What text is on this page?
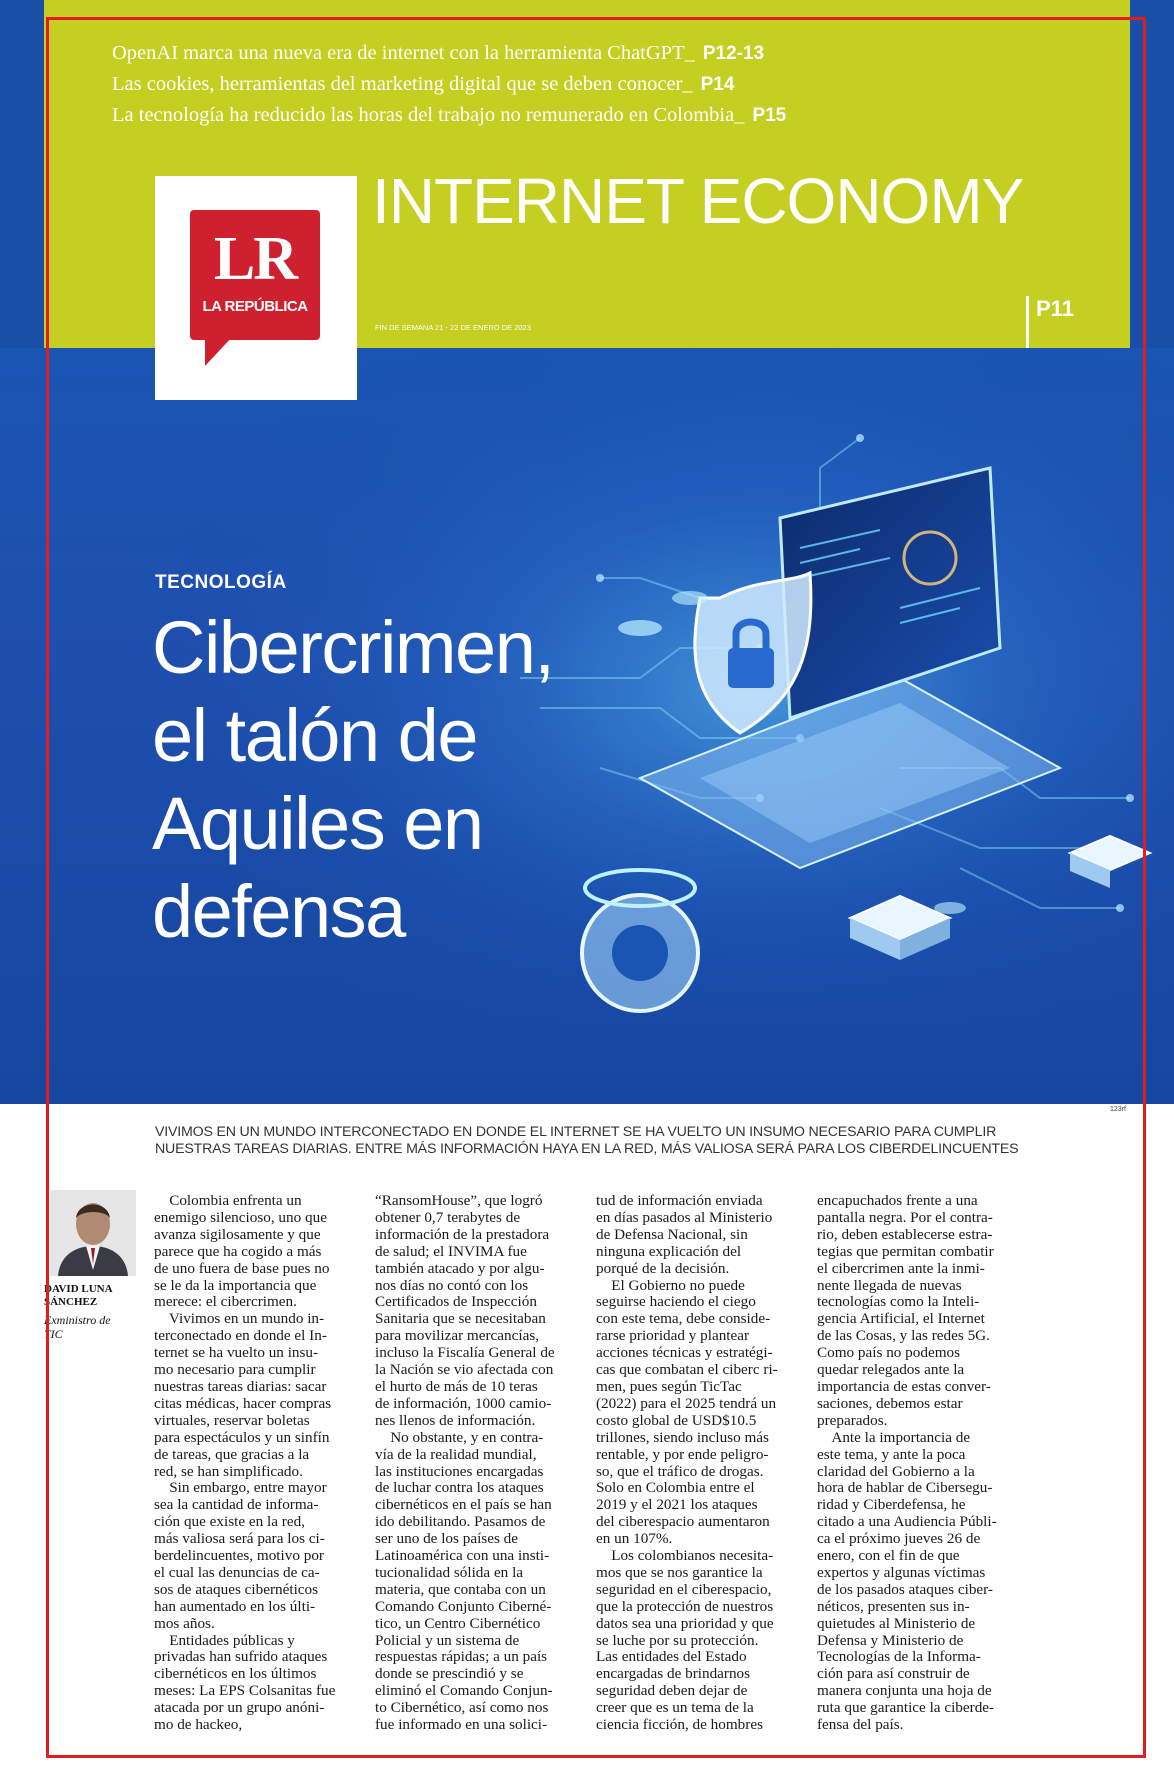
OpenAI marca una nueva era de internet con la herramienta ChatGPT_ P12-13
Las cookies, herramientas del marketing digital que se deben conocer_ P14
La tecnología ha reducido las horas del trabajo no remunerado en Colombia_ P15
LR
LA REPÚBLICA
INTERNET ECONOMY
FIN DE SEMANA 21 - 22 DE ENERO DE 2023
P11
TECNOLOGÍA
Cibercrimen,
el talón de
Aquiles en
defensa
123rf
VIVIMOS EN UN MUNDO INTERCONECTADO EN DONDE EL INTERNET SE HA VUELTO UN INSUMO NECESARIO PARA CUMPLIR
NUESTRAS TAREAS DIARIAS. ENTRE MÁS INFORMACIÓN HAYA EN LA RED, MÁS VALIOSA SERÁ PARA LOS CIBERDELINCUENTES
DAVID LUNA
SÁNCHEZ
Exministro de
TIC
Colombia enfrenta un
enemigo silencioso, uno que
avanza sigilosamente y que
parece que ha cogido a más
de uno fuera de base pues no
se le da la importancia que
merece: el cibercrimen.
Vivimos en un mundo in-
terconectado en donde el In-
ternet se ha vuelto un insu-
mo necesario para cumplir
nuestras tareas diarias: sacar
citas médicas, hacer compras
virtuales, reservar boletas
para espectáculos y un sinfín
de tareas, que gracias a la
red, se han simplificado.
Sin embargo, entre mayor
sea la cantidad de informa-
ción que existe en la red,
más valiosa será para los ci-
berdelincuentes, motivo por
el cual las denuncias de ca-
sos de ataques cibernéticos
han aumentado en los últi-
mos años.
Entidades públicas y
privadas han sufrido ataques
cibernéticos en los últimos
meses: La EPS Colsanitas fue
atacada por un grupo anóni-
mo de hackeo,
“RansomHouse”, que logró
obtener 0,7 terabytes de
información de la prestadora
de salud; el INVIMA fue
también atacado y por algu-
nos días no contó con los
Certificados de Inspección
Sanitaria que se necesitaban
para movilizar mercancías,
incluso la Fiscalía General de
la Nación se vio afectada con
el hurto de más de 10 teras
de información, 1000 camio-
nes llenos de información.
No obstante, y en contra-
vía de la realidad mundial,
las instituciones encargadas
de luchar contra los ataques
cibernéticos en el país se han
ido debilitando. Pasamos de
ser uno de los países de
Latinoamérica con una insti-
tucionalidad sólida en la
materia, que contaba con un
Comando Conjunto Ciberné-
tico, un Centro Cibernético
Policial y un sistema de
respuestas rápidas; a un país
donde se prescindió y se
eliminó el Comando Conjun-
to Cibernético, así como nos
fue informado en una solici-
tud de información enviada
en días pasados al Ministerio
de Defensa Nacional, sin
ninguna explicación del
porqué de la decisión.
El Gobierno no puede
seguirse haciendo el ciego
con este tema, debe conside-
rarse prioridad y plantear
acciones técnicas y estratégi-
cas que combatan el ciberc ri-
men, pues según TicTac
(2022) para el 2025 tendrá un
costo global de USD$10.5
trillones, siendo incluso más
rentable, y por ende peligro-
so, que el tráfico de drogas.
Solo en Colombia entre el
2019 y el 2021 los ataques
del ciberespacio aumentaron
en un 107%.
Los colombianos necesita-
mos que se nos garantice la
seguridad en el ciberespacio,
que la protección de nuestros
datos sea una prioridad y que
se luche por su protección.
Las entidades del Estado
encargadas de brindarnos
seguridad deben dejar de
creer que es un tema de la
ciencia ficción, de hombres
encapuchados frente a una
pantalla negra. Por el contra-
rio, deben establecerse estra-
tegias que permitan combatir
el cibercrimen ante la inmi-
nente llegada de nuevas
tecnologías como la Inteli-
gencia Artificial, el Internet
de las Cosas, y las redes 5G.
Como país no podemos
quedar relegados ante la
importancia de estas conver-
saciones, debemos estar
preparados.
Ante la importancia de
este tema, y ante la poca
claridad del Gobierno a la
hora de hablar de Cibersegu-
ridad y Ciberdefensa, he
citado a una Audiencia Públi-
ca el próximo jueves 26 de
enero, con el fin de que
expertos y algunas víctimas
de los pasados ataques ciber-
néticos, presenten sus in-
quietudes al Ministerio de
Defensa y Ministerio de
Tecnologías de la Informa-
ción para así construir de
manera conjunta una hoja de
ruta que garantice la ciberde-
fensa del país.
